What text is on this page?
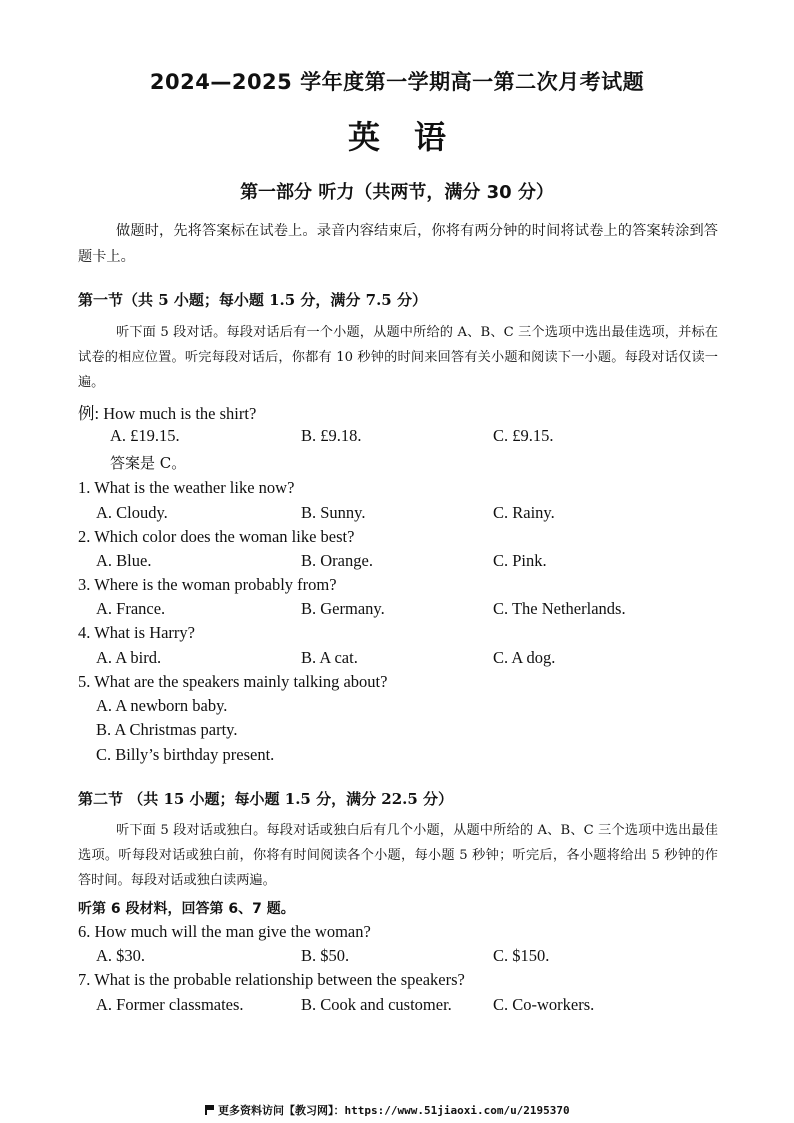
2024—2025 学年度第一学期高一第二次月考试题
英 语
第一部分 听力（共两节，满分 30 分）
做题时，先将答案标在试卷上。录音内容结束后，你将有两分钟的时间将试卷上的答案转涂到答题卡上。
第一节（共 5 小题；每小题 1.5 分，满分 7.5 分）
听下面 5 段对话。每段对话后有一个小题，从题中所给的 A、B、C 三个选项中选出最佳选项，并标在试卷的相应位置。听完每段对话后，你都有 10 秒钟的时间来回答有关小题和阅读下一小题。每段对话仅读一遍。
例: How much is the shirt?
A. £19.15.	B. £9.18.	C. £9.15.
答案是 C。
1. What is the weather like now?
A. Cloudy.	B. Sunny.	C. Rainy.
2. Which color does the woman like best?
A. Blue.	B. Orange.	C. Pink.
3. Where is the woman probably from?
A. France.	B. Germany.	C. The Netherlands.
4. What is Harry?
A. A bird.	B. A cat.	C. A dog.
5. What are the speakers mainly talking about?
A. A newborn baby.
B. A Christmas party.
C. Billy’s birthday present.
第二节 （共 15 小题；每小题 1.5 分，满分 22.5 分）
听下面 5 段对话或独白。每段对话或独白后有几个小题，从题中所给的 A、B、C 三个选项中选出最佳选项。听每段对话或独白前，你将有时间阅读各个小题，每小题 5 秒钟；听完后，各小题将给出 5 秒钟的作答时间。每段对话或独白读两遍。
听第 6 段材料，回答第 6、7 题。
6. How much will the man give the woman?
A. $30.	B. $50.	C. $150.
7. What is the probable relationship between the speakers?
A. Former classmates.	B. Cook and customer. C. Co-workers.
更多资料访问【教习网】：https://www.51jiaoxi.com/u/2195370
